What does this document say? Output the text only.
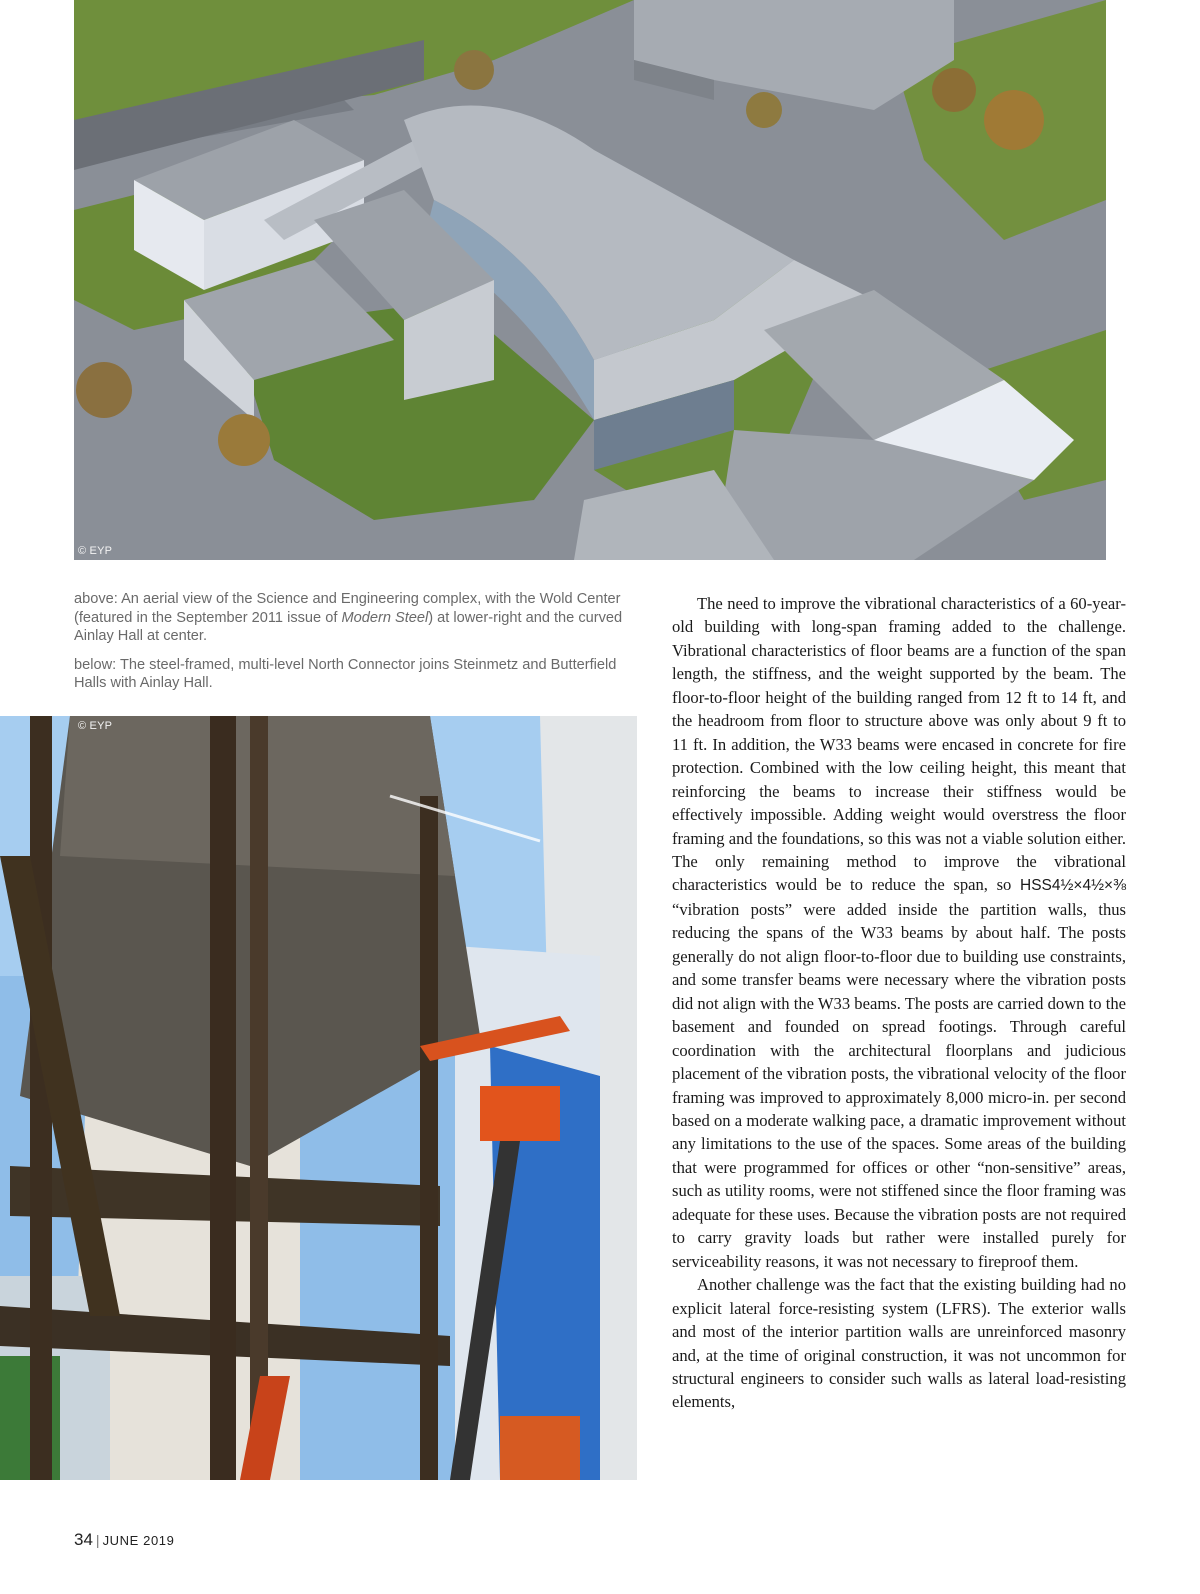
© EYP

above: An aerial view of the Science and Engineering complex, with the Wold Center (featured in the September 2011 issue of Modern Steel) at lower-right and the curved Ainlay Hall at center.

below: The steel-framed, multi-level North Connector joins Steinmetz and Butterfield Halls with Ainlay Hall.

© EYP

The need to improve the vibrational characteristics of a 60-year-old building with long-span framing added to the challenge. Vibrational characteristics of floor beams are a function of the span length, the stiffness, and the weight supported by the beam. The floor-to-floor height of the building ranged from 12 ft to 14 ft, and the headroom from floor to structure above was only about 9 ft to 11 ft. In addition, the W33 beams were encased in concrete for fire protection. Combined with the low ceiling height, this meant that reinforcing the beams to increase their stiffness would be effectively impossible. Adding weight would overstress the floor framing and the foundations, so this was not a viable solution either. The only remaining method to improve the vibrational characteristics would be to reduce the span, so HSS4½×4½×⅜ “vibration posts” were added inside the partition walls, thus reducing the spans of the W33 beams by about half. The posts generally do not align floor-to-floor due to building use constraints, and some transfer beams were necessary where the vibration posts did not align with the W33 beams. The posts are carried down to the basement and founded on spread footings. Through careful coordination with the architectural floorplans and judicious placement of the vibration posts, the vibrational velocity of the floor framing was improved to approximately 8,000 micro-in. per second based on a moderate walking pace, a dramatic improvement without any limitations to the use of the spaces. Some areas of the building that were programmed for offices or other “non-sensitive” areas, such as utility rooms, were not stiffened since the floor framing was adequate for these uses. Because the vibration posts are not required to carry gravity loads but rather were installed purely for serviceability reasons, it was not necessary to fireproof them.

Another challenge was the fact that the existing building had no explicit lateral force-resisting system (LFRS). The exterior walls and most of the interior partition walls are unreinforced masonry and, at the time of original construction, it was not uncommon for structural engineers to consider such walls as lateral load-resisting elements,

34 | JUNE 2019
